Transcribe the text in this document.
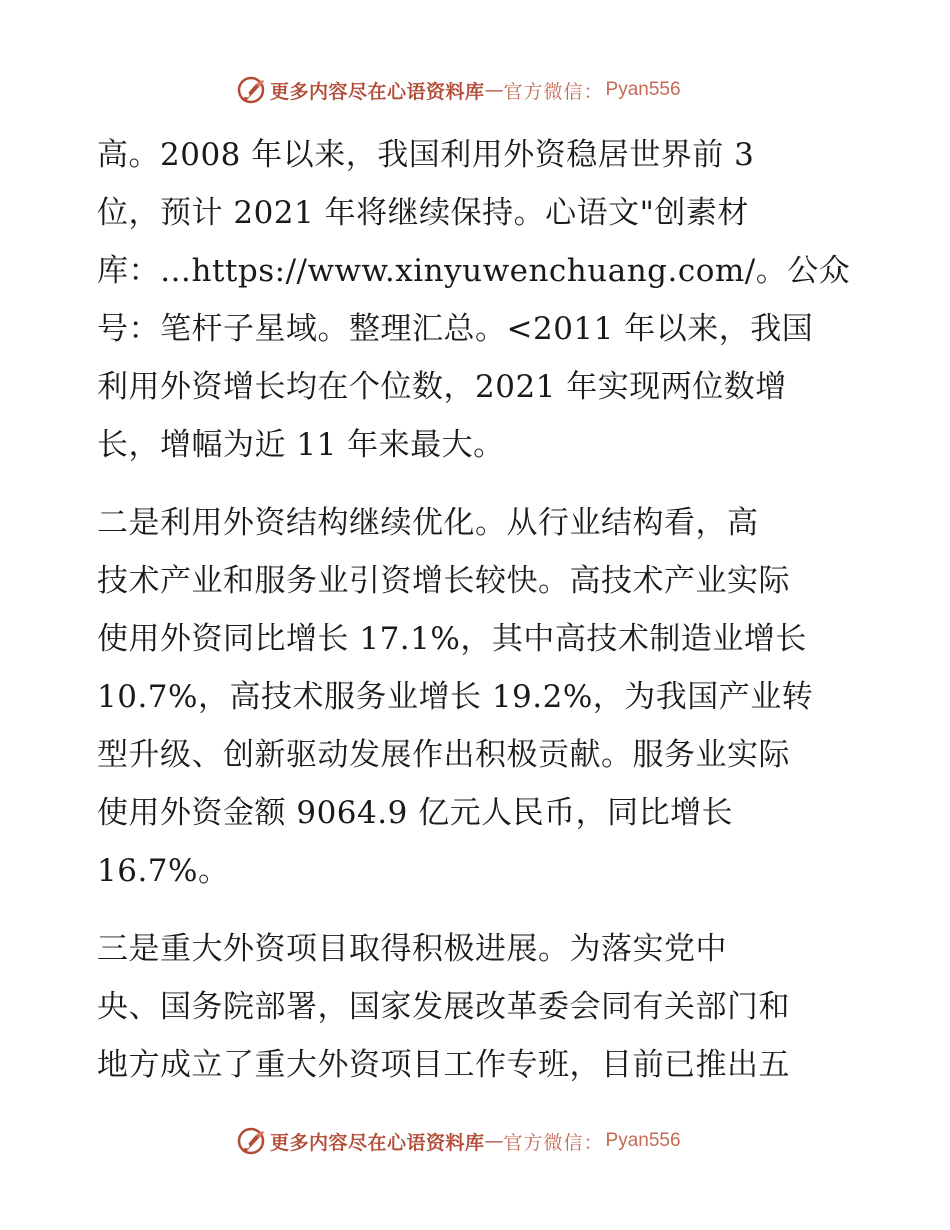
更多内容尽在心语资料库 — 官方微信： Pyan556
高。2008 年以来，我国利用外资稳居世界前 3
位，预计 2021 年将继续保持。心语文"创素材
库：…https://www.xinyuwenchuang.com/。公众
号：笔杆子星域。整理汇总。<2011 年以来，我国
利用外资增长均在个位数，2021 年实现两位数增
长，增幅为近 11 年来最大。
二是利用外资结构继续优化。从行业结构看，高
技术产业和服务业引资增长较快。高技术产业实际
使用外资同比增长 17.1%，其中高技术制造业增长
10.7%，高技术服务业增长 19.2%，为我国产业转
型升级、创新驱动发展作出积极贡献。服务业实际
使用外资金额 9064.9 亿元人民币，同比增长
16.7%。
三是重大外资项目取得积极进展。为落实党中
央、国务院部署，国家发展改革委会同有关部门和
地方成立了重大外资项目工作专班，目前已推出五
更多内容尽在心语资料库 — 官方微信： Pyan556
